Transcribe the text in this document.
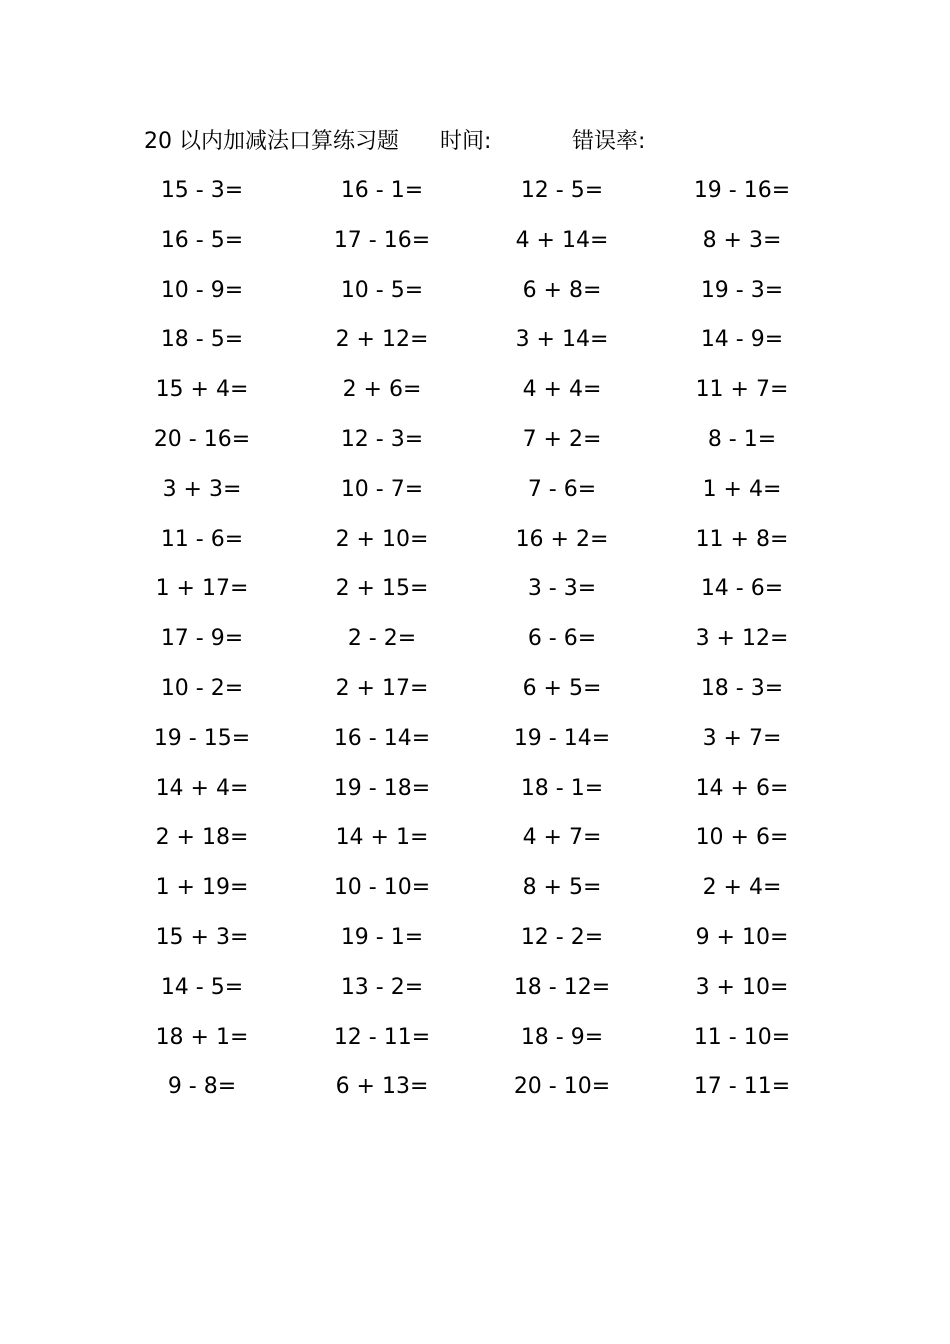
20 以内加减法口算练习题 时间:	错误率:
15 - 3=	16 - 1=	12 - 5=	19 - 16=
16 - 5=	17 - 16=	4 + 14=	8 + 3=
10 - 9=	10 - 5=	6 + 8=	19 - 3=
18 - 5=	2 + 12=	3 + 14=	14 - 9=
15 + 4=	2 + 6=	4 + 4=	11 + 7=
20 - 16=	12 - 3=	7 + 2=	8 - 1=
3 + 3=	10 - 7=	7 - 6=	1 + 4=
11 - 6=	2 + 10=	16 + 2=	11 + 8=
1 + 17=	2 + 15=	3 - 3=	14 - 6=
17 - 9=	2 - 2=	6 - 6=	3 + 12=
10 - 2=	2 + 17=	6 + 5=	18 - 3=
19 - 15=	16 - 14=	19 - 14=	3 + 7=
14 + 4=	19 - 18=	18 - 1=	14 + 6=
2 + 18=	14 + 1=	4 + 7=	10 + 6=
1 + 19=	10 - 10=	8 + 5=	2 + 4=
15 + 3=	19 - 1=	12 - 2=	9 + 10=
14 - 5=	13 - 2=	18 - 12=	3 + 10=
18 + 1=	12 - 11=	18 - 9=	11 - 10=
9 - 8=	6 + 13=	20 - 10=	17 - 11=
